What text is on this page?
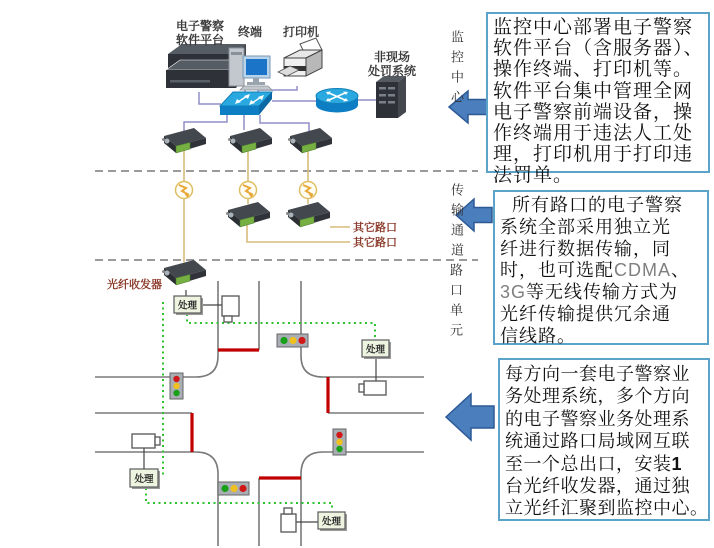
处理
处理
处理
处理
电子警察
软件平台
终端 打印机
非现场
处罚系统
其它路口
其它路口
光纤收发器
监控中心
传输通道
路口单元
监控中心部署电子警察
软件平台（含服务器）、
操作终端、打印机等。
软件平台集中管理全网
电子警察前端设备，操
作终端用于违法人工处
理，打印机用于打印违
法罚单。
所有路口的电子警察
系统全部采用独立光
纤进行数据传输，同
时，也可选配CDMA、
3G等无线传输方式为
光纤传输提供冗余通
信线路。
每方向一套电子警察业
务处理系统，多个方向
的电子警察业务处理系
统通过路口局域网互联
至一个总出口，安装1
台光纤收发器，通过独
立光纤汇聚到监控中心。
